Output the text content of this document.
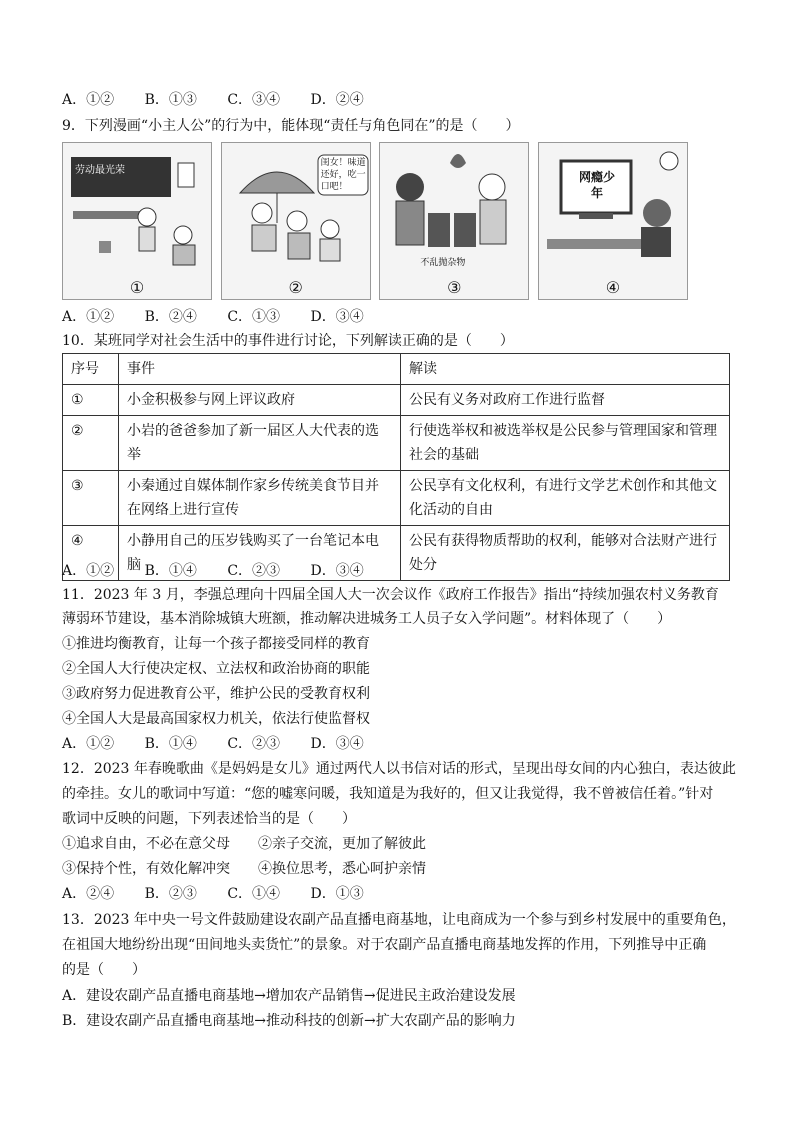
A．①② B．①③ C．③④ D．②④
9．下列漫画“小主人公”的行为中，能体现“责任与角色同在”的是（　　）
劳动最光荣
①
闺女！味道还好，吃一口吧！
②
不乱抛杂物
③
网瘾少年
④
A．①② B．②④ C．①③ D．③④
10．某班同学对社会生活中的事件进行讨论，下列解读正确的是（　　）
序号	事件	解读
①	小金积极参与网上评议政府	公民有义务对政府工作进行监督
②	小岩的爸爸参加了新一届区人大代表的选举	行使选举权和被选举权是公民参与管理国家和管理社会的基础
③	小秦通过自媒体制作家乡传统美食节目并在网络上进行宣传	公民享有文化权利，有进行文学艺术创作和其他文化活动的自由
④	小静用自己的压岁钱购买了一台笔记本电脑	公民有获得物质帮助的权利，能够对合法财产进行处分
A．①② B．①④ C．②③ D．③④
11．2023 年 3 月，李强总理向十四届全国人大一次会议作《政府工作报告》指出“持续加强农村义务教育
薄弱环节建设，基本消除城镇大班额，推动解决进城务工人员子女入学问题”。材料体现了（　　）
①推进均衡教育，让每一个孩子都接受同样的教育
②全国人大行使决定权、立法权和政治协商的职能
③政府努力促进教育公平，维护公民的受教育权利
④全国人大是最高国家权力机关，依法行使监督权
A．①② B．①④ C．②③ D．③④
12．2023 年春晚歌曲《是妈妈是女儿》通过两代人以书信对话的形式，呈现出母女间的内心独白，表达彼此
的牵挂。女儿的歌词中写道：“您的嘘寒问暖，我知道是为我好的，但又让我觉得，我不曾被信任着。”针对
歌词中反映的问题，下列表述恰当的是（　　）
①追求自由，不必在意父母 ②亲子交流，更加了解彼此
③保持个性，有效化解冲突 ④换位思考，悉心呵护亲情
A．②④ B．②③ C．①④ D．①③
13．2023 年中央一号文件鼓励建设农副产品直播电商基地，让电商成为一个参与到乡村发展中的重要角色，
在祖国大地纷纷出现“田间地头卖货忙”的景象。对于农副产品直播电商基地发挥的作用，下列推导中正确
的是（　　）
A．建设农副产品直播电商基地→增加农产品销售→促进民主政治建设发展
B．建设农副产品直播电商基地→推动科技的创新→扩大农副产品的影响力
